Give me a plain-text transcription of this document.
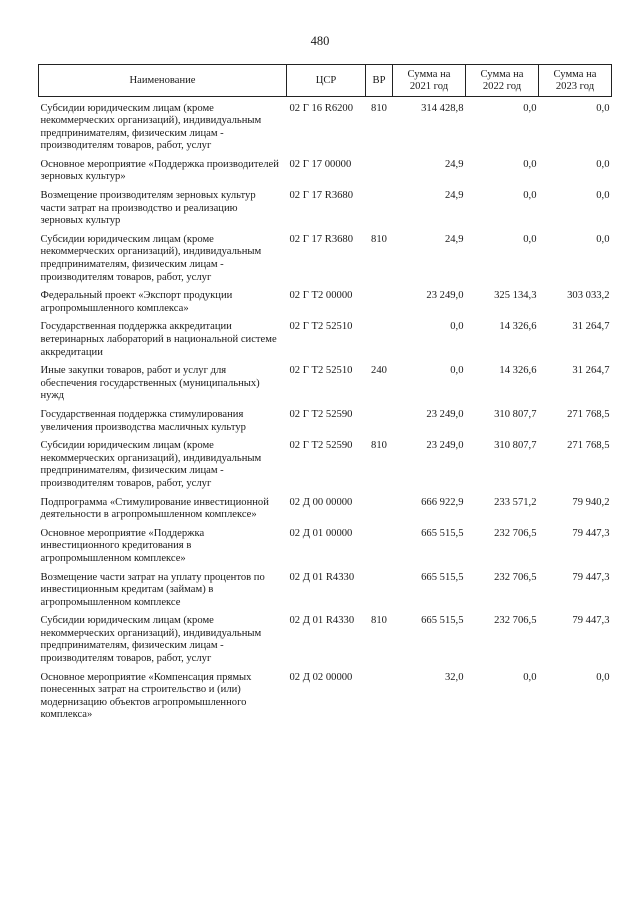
480
Наименование	ЦСР	ВР	Сумма на 2021 год	Сумма на 2022 год	Сумма на 2023 год

Субсидии юридическим лицам (кроме некоммерческих организаций), индивидуальным предпринимателям, физическим лицам - производителям товаров, работ, услуг	02 Г 16 R6200	810	314 428,8	0,0	0,0
Основное мероприятие «Поддержка производителей зерновых культур»	02 Г 17 00000		24,9	0,0	0,0
Возмещение производителям зерновых культур части затрат на производство и реализацию зерновых культур	02 Г 17 R3680		24,9	0,0	0,0
Субсидии юридическим лицам (кроме некоммерческих организаций), индивидуальным предпринимателям, физическим лицам - производителям товаров, работ, услуг	02 Г 17 R3680	810	24,9	0,0	0,0
Федеральный проект «Экспорт продукции агропромышленного комплекса»	02 Г Т2 00000		23 249,0	325 134,3	303 033,2
Государственная поддержка аккредитации ветеринарных лабораторий в национальной системе аккредитации	02 Г Т2 52510		0,0	14 326,6	31 264,7
Иные закупки товаров, работ и услуг для обеспечения государственных (муниципальных) нужд	02 Г Т2 52510	240	0,0	14 326,6	31 264,7
Государственная поддержка стимулирования увеличения производства масличных культур	02 Г Т2 52590		23 249,0	310 807,7	271 768,5
Субсидии юридическим лицам (кроме некоммерческих организаций), индивидуальным предпринимателям, физическим лицам - производителям товаров, работ, услуг	02 Г Т2 52590	810	23 249,0	310 807,7	271 768,5
Подпрограмма «Стимулирование инвестиционной деятельности в агропромышленном комплексе»	02 Д 00 00000		666 922,9	233 571,2	79 940,2
Основное мероприятие «Поддержка инвестиционного кредитования в агропромышленном комплексе»	02 Д 01 00000		665 515,5	232 706,5	79 447,3
Возмещение части затрат на уплату процентов по инвестиционным кредитам (займам) в агропромышленном комплексе	02 Д 01 R4330		665 515,5	232 706,5	79 447,3
Субсидии юридическим лицам (кроме некоммерческих организаций), индивидуальным предпринимателям, физическим лицам - производителям товаров, работ, услуг	02 Д 01 R4330	810	665 515,5	232 706,5	79 447,3
Основное мероприятие «Компенсация прямых понесенных затрат на строительство и (или) модернизацию объектов агропромышленного комплекса»	02 Д 02 00000		32,0	0,0	0,0
